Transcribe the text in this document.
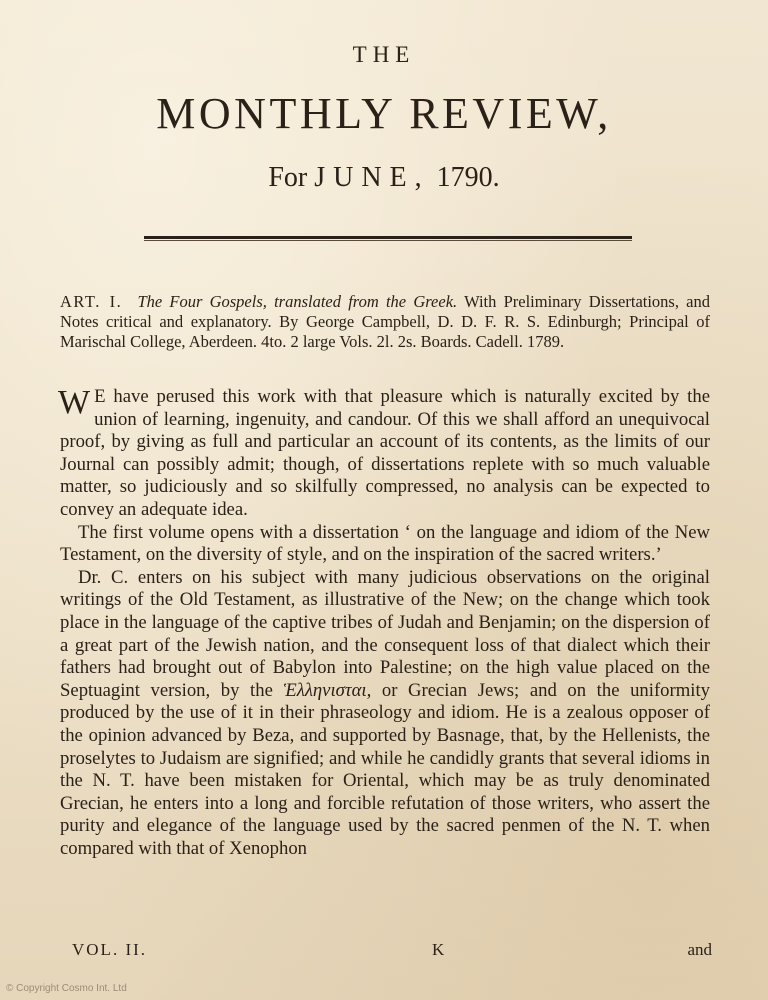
THE
MONTHLY REVIEW,
For JUNE, 1790.
ART. I. The Four Gospels, translated from the Greek. With Preliminary Dissertations, and Notes critical and explanatory. By George Campbell, D. D. F. R. S. Edinburgh; Principal of Marischal College, Aberdeen. 4to. 2 large Vols. 2l. 2s. Boards. Cadell. 1789.

W E have perused this work with that pleasure which is naturally excited by the union of learning, ingenuity, and candour. Of this we shall afford an unequivocal proof, by giving as full and particular an account of its contents, as the limits of our Journal can possibly admit; though, of dissertations replete with so much valuable matter, so judiciously and so skilfully compressed, no analysis can be expected to convey an adequate idea.

The first volume opens with a dissertation ‘ on the language and idiom of the New Testament, on the diversity of style, and on the inspiration of the sacred writers.’

Dr. C. enters on his subject with many judicious observations on the original writings of the Old Testament, as illustrative of the New; on the change which took place in the language of the captive tribes of Judah and Benjamin; on the dispersion of a great part of the Jewish nation, and the consequent loss of that dialect which their fathers had brought out of Babylon into Palestine; on the high value placed on the Septuagint version, by the Ἑλληνισται, or Grecian Jews; and on the uniformity produced by the use of it in their phraseology and idiom. He is a zealous opposer of the opinion advanced by Beza, and supported by Basnage, that, by the Hellenists, the proselytes to Judaism are signified; and while he candidly grants that several idioms in the N. T. have been mistaken for Oriental, which may be as truly denominated Grecian, he enters into a long and forcible refutation of those writers, who assert the purity and elegance of the language used by the sacred penmen of the N. T. when compared with that of Xenophon

VOL. II.	K	and
© Copyright Cosmo Int. Ltd
